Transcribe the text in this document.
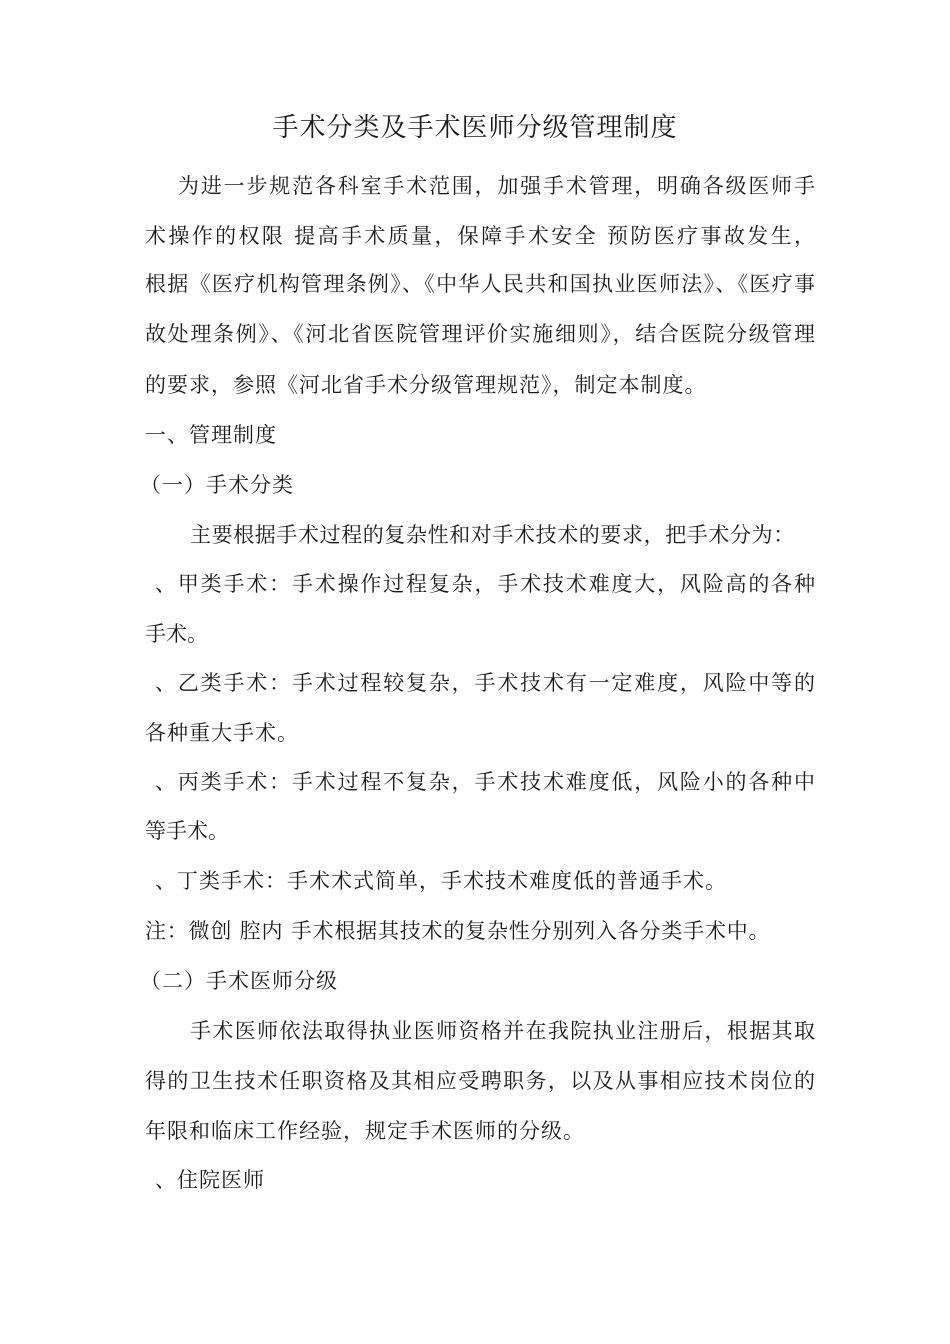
手术分类及手术医师分级管理制度
为进一步规范各科室手术范围，加强手术管理，明确各级医师手
术操作的权限 提高手术质量，保障手术安全 预防医疗事故发生，
根据《医疗机构管理条例》、《中华人民共和国执业医师法》、《医疗事
故处理条例》、《河北省医院管理评价实施细则》，结合医院分级管理
的要求，参照《河北省手术分级管理规范》，制定本制度。
一、管理制度
（一）手术分类
主要根据手术过程的复杂性和对手术技术的要求，把手术分为：
、甲类手术：手术操作过程复杂，手术技术难度大，风险高的各种
手术。
、乙类手术：手术过程较复杂，手术技术有一定难度，风险中等的
各种重大手术。
、丙类手术：手术过程不复杂，手术技术难度低，风险小的各种中
等手术。
、丁类手术：手术术式简单，手术技术难度低的普通手术。
注：微创 腔内 手术根据其技术的复杂性分别列入各分类手术中。
（二）手术医师分级
手术医师依法取得执业医师资格并在我院执业注册后，根据其取
得的卫生技术任职资格及其相应受聘职务，以及从事相应技术岗位的
年限和临床工作经验，规定手术医师的分级。
、住院医师
